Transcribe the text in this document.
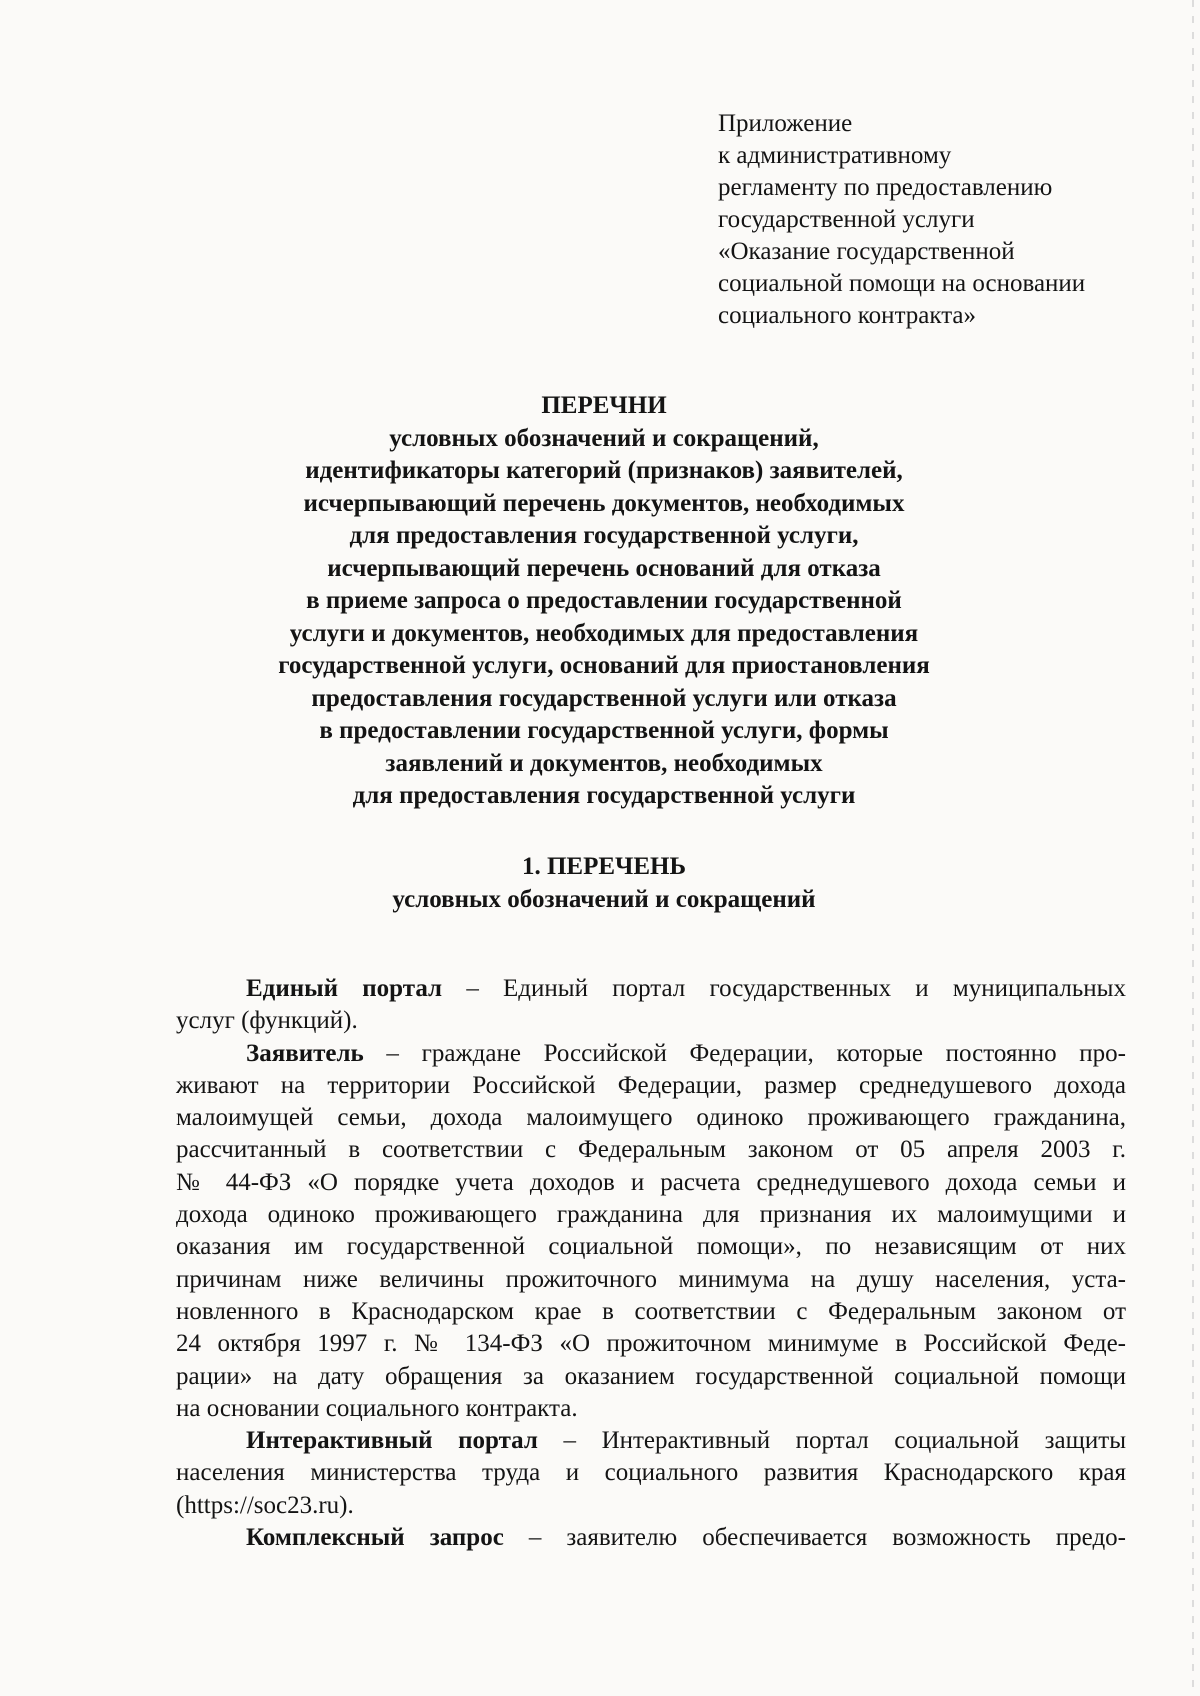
Приложение
к административному
регламенту по предоставлению
государственной услуги
«Оказание государственной
социальной помощи на основании
социального контракта»
ПЕРЕЧНИ
условных обозначений и сокращений,
идентификаторы категорий (признаков) заявителей,
исчерпывающий перечень документов, необходимых
для предоставления государственной услуги,
исчерпывающий перечень оснований для отказа
в приеме запроса о предоставлении государственной
услуги и документов, необходимых для предоставления
государственной услуги, оснований для приостановления
предоставления государственной услуги или отказа
в предоставлении государственной услуги, формы
заявлений и документов, необходимых
для предоставления государственной услуги
1. ПЕРЕЧЕНЬ
условных обозначений и сокращений
Единый портал – Единый портал государственных и муниципальных
услуг (функций).
Заявитель – граждане Российской Федерации, которые постоянно про-
живают на территории Российской Федерации, размер среднедушевого дохода
малоимущей семьи, дохода малоимущего одиноко проживающего гражданина,
рассчитанный в соответствии с Федеральным законом от 05 апреля 2003 г.
№ 44-ФЗ «О порядке учета доходов и расчета среднедушевого дохода семьи и
дохода одиноко проживающего гражданина для признания их малоимущими и
оказания им государственной социальной помощи», по независящим от них
причинам ниже величины прожиточного минимума на душу населения, уста-
новленного в Краснодарском крае в соответствии с Федеральным законом от
24 октября 1997 г. № 134-ФЗ «О прожиточном минимуме в Российской Феде-
рации» на дату обращения за оказанием государственной социальной помощи
на основании социального контракта.
Интерактивный портал – Интерактивный портал социальной защиты
населения министерства труда и социального развития Краснодарского края
(https://soc23.ru).
Комплексный запрос – заявителю обеспечивается возможность предо-
